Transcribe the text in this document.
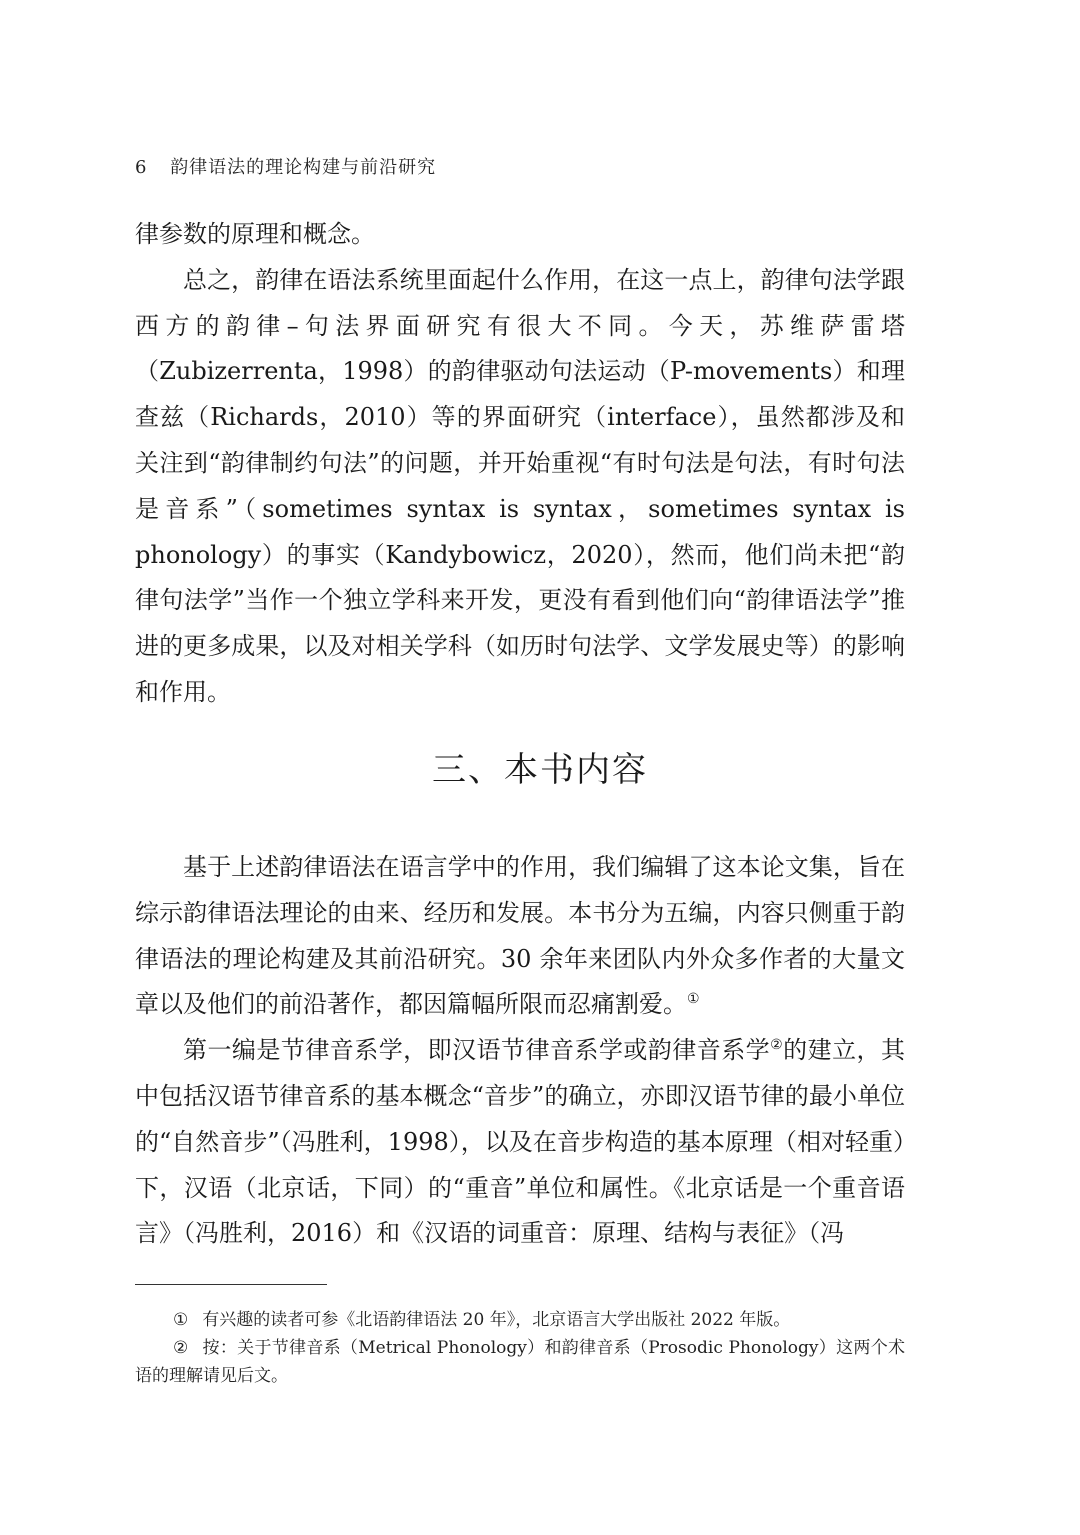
6 韵律语法的理论构建与前沿研究

律参数的原理和概念。

总之，韵律在语法系统里面起什么作用，在这一点上，韵律句法学跟西方的韵律–句法界面研究有很大不同。今天，苏维萨雷塔（Zubizerrenta，1998）的韵律驱动句法运动（P-movements）和理查兹（Richards，2010）等的界面研究（interface），虽然都涉及和关注到“韵律制约句法”的问题，并开始重视“有时句法是句法，有时句法是音系”（sometimes syntax is syntax，sometimes syntax is phonology）的事实（Kandybowicz，2020），然而，他们尚未把“韵律句法学”当作一个独立学科来开发，更没有看到他们向“韵律语法学”推进的更多成果，以及对相关学科（如历时句法学、文学发展史等）的影响和作用。

三、本书内容

基于上述韵律语法在语言学中的作用，我们编辑了这本论文集，旨在综示韵律语法理论的由来、经历和发展。本书分为五编，内容只侧重于韵律语法的理论构建及其前沿研究。30 余年来团队内外众多作者的大量文章以及他们的前沿著作，都因篇幅所限而忍痛割爱。①

第一编是节律音系学，即汉语节律音系学或韵律音系学②的建立，其中包括汉语节律音系的基本概念“音步”的确立，亦即汉语节律的最小单位的“自然音步”（冯胜利，1998），以及在音步构造的基本原理（相对轻重）下，汉语（北京话，下同）的“重音”单位和属性。《北京话是一个重音语言》（冯胜利，2016）和《汉语的词重音：原理、结构与表征》（冯

① 有兴趣的读者可参《北语韵律语法 20 年》，北京语言大学出版社 2022 年版。

② 按：关于节律音系（Metrical Phonology）和韵律音系（Prosodic Phonology）这两个术语的理解请见后文。
